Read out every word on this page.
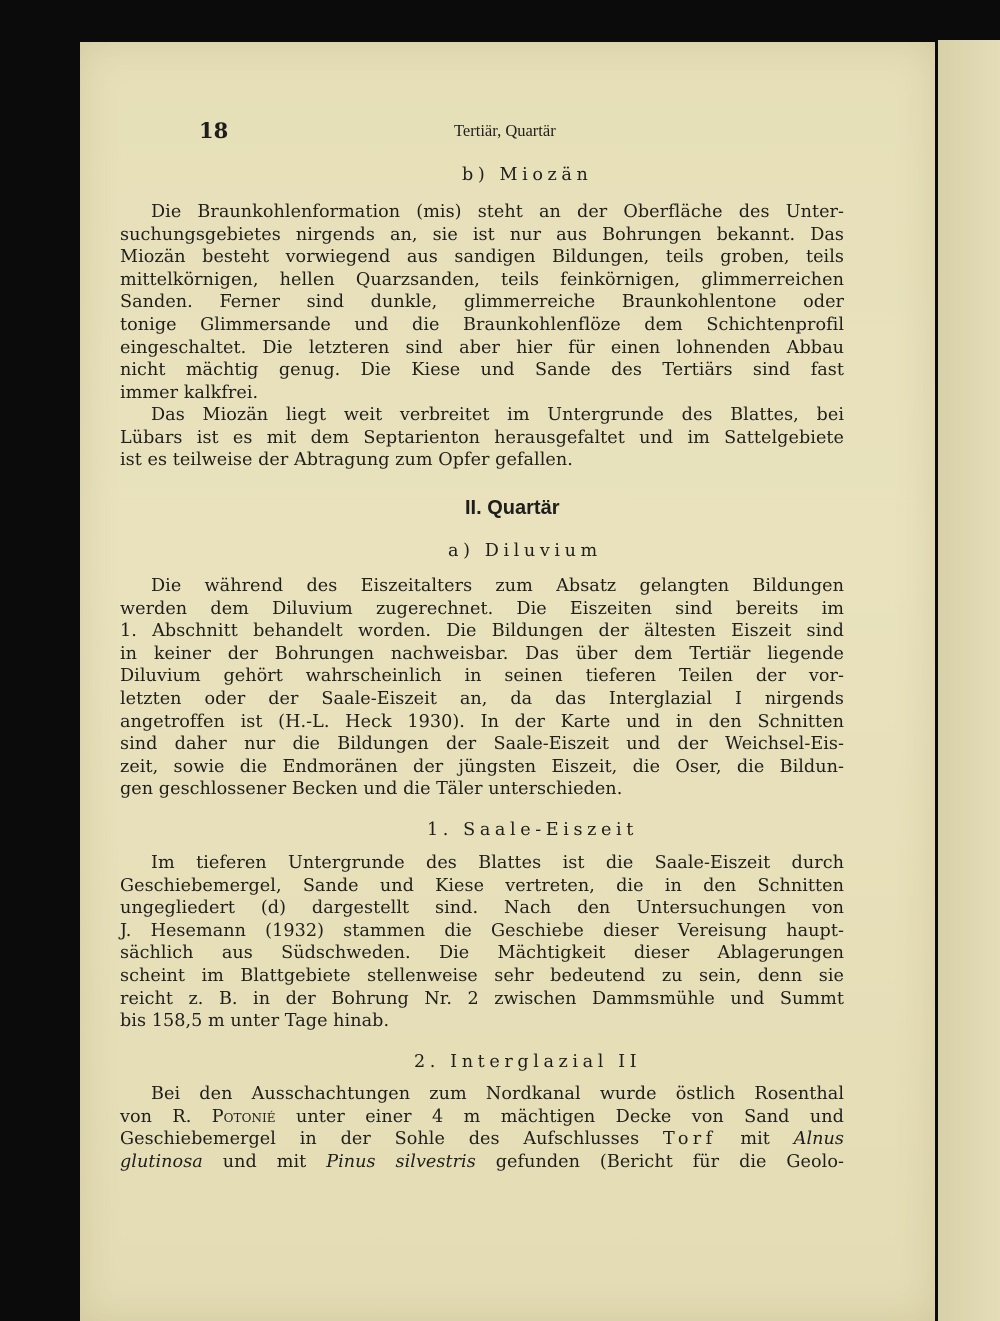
18	Tertiär, Quartär
b) Miozän
Die Braunkohlenformation (mis) steht an der Oberfläche des Unter-
suchungsgebietes nirgends an, sie ist nur aus Bohrungen bekannt. Das
Miozän besteht vorwiegend aus sandigen Bildungen, teils groben, teils
mittelkörnigen, hellen Quarzsanden, teils feinkörnigen, glimmerreichen
Sanden. Ferner sind dunkle, glimmerreiche Braunkohlentone oder
tonige Glimmersande und die Braunkohlenflöze dem Schichtenprofil
eingeschaltet. Die letzteren sind aber hier für einen lohnenden Abbau
nicht mächtig genug. Die Kiese und Sande des Tertiärs sind fast
immer kalkfrei.
Das Miozän liegt weit verbreitet im Untergrunde des Blattes, bei
Lübars ist es mit dem Septarienton herausgefaltet und im Sattelgebiete
ist es teilweise der Abtragung zum Opfer gefallen.
II. Quartär
a) Diluvium
Die während des Eiszeitalters zum Absatz gelangten Bildungen
werden dem Diluvium zugerechnet. Die Eiszeiten sind bereits im
1. Abschnitt behandelt worden. Die Bildungen der ältesten Eiszeit sind
in keiner der Bohrungen nachweisbar. Das über dem Tertiär liegende
Diluvium gehört wahrscheinlich in seinen tieferen Teilen der vor-
letzten oder der Saale-Eiszeit an, da das Interglazial I nirgends
angetroffen ist (H.-L. Heck 1930). In der Karte und in den Schnitten
sind daher nur die Bildungen der Saale-Eiszeit und der Weichsel-Eis-
zeit, sowie die Endmoränen der jüngsten Eiszeit, die Oser, die Bildun-
gen geschlossener Becken und die Täler unterschieden.
1. Saale-Eiszeit
Im tieferen Untergrunde des Blattes ist die Saale-Eiszeit durch
Geschiebemergel, Sande und Kiese vertreten, die in den Schnitten
ungegliedert (d) dargestellt sind. Nach den Untersuchungen von
J. Hesemann (1932) stammen die Geschiebe dieser Vereisung haupt-
sächlich aus Südschweden. Die Mächtigkeit dieser Ablagerungen
scheint im Blattgebiete stellenweise sehr bedeutend zu sein, denn sie
reicht z. B. in der Bohrung Nr. 2 zwischen Dammsmühle und Summt
bis 158,5 m unter Tage hinab.
2. Interglazial II
Bei den Ausschachtungen zum Nordkanal wurde östlich Rosenthal
von R. Potonié unter einer 4 m mächtigen Decke von Sand und
Geschiebemergel in der Sohle des Aufschlusses Torf mit Alnus
glutinosa und mit Pinus silvestris gefunden (Bericht für die Geolo-
